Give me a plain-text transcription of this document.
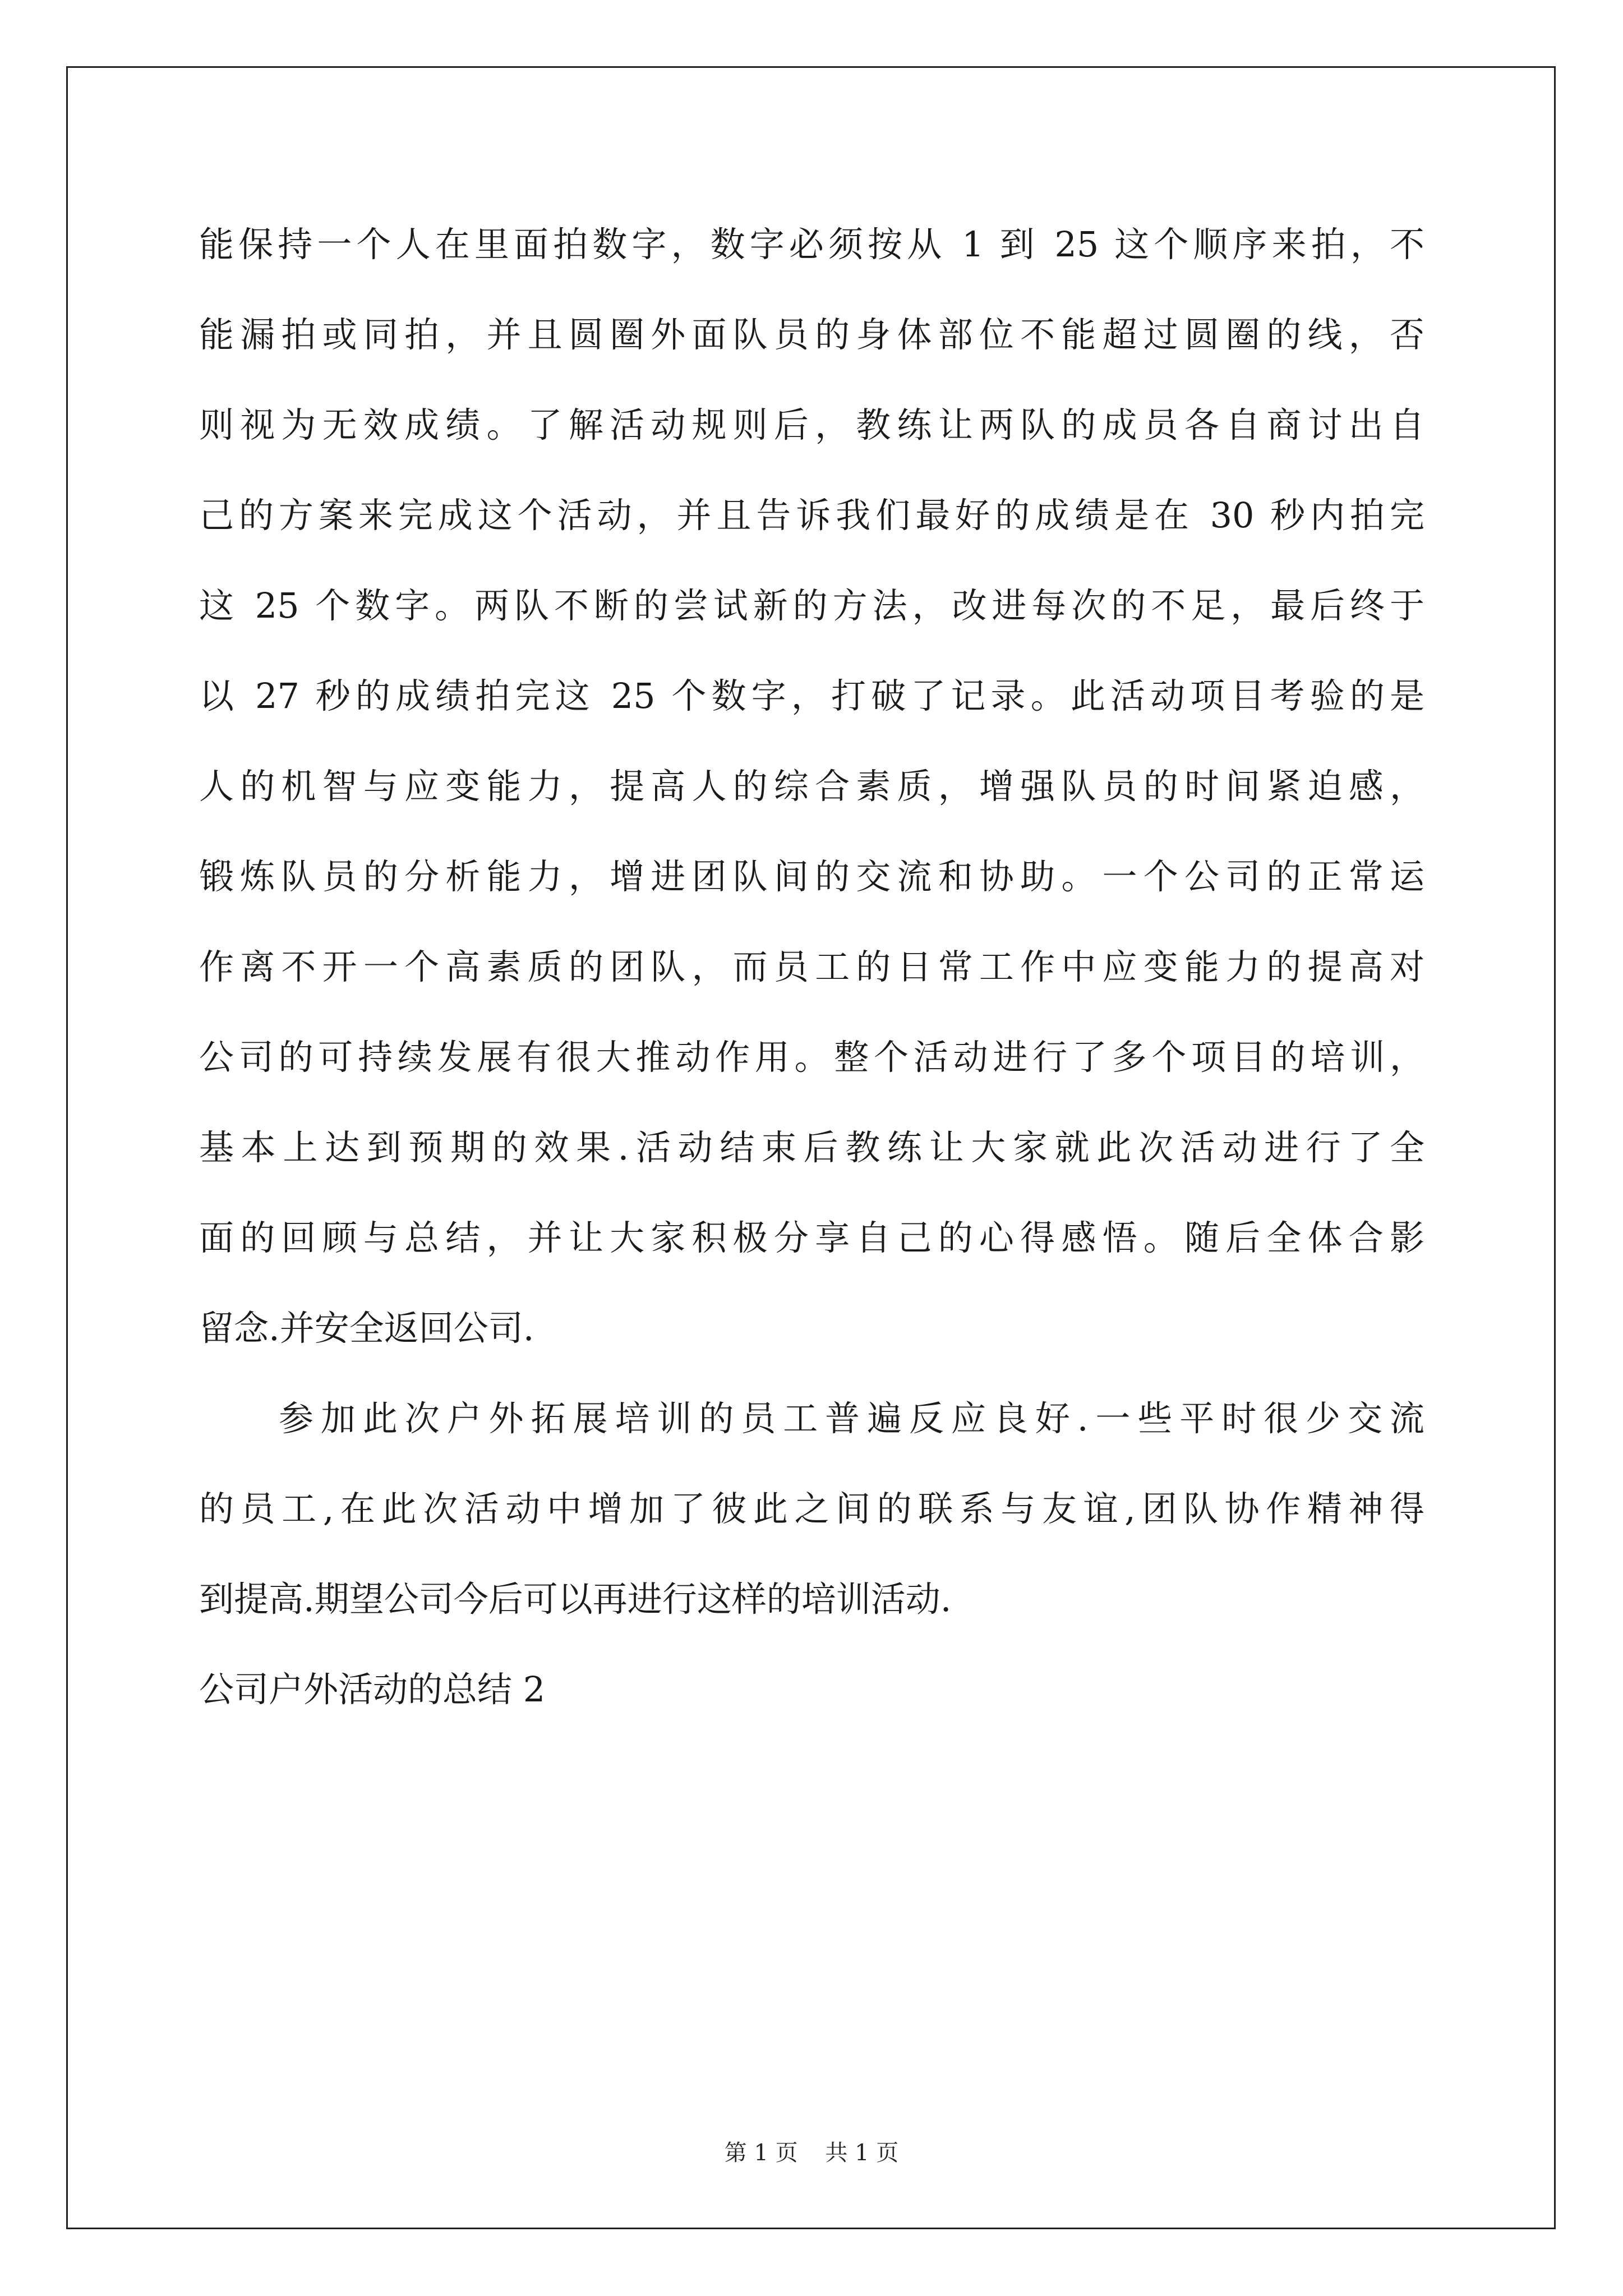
能保持一个人在里面拍数字，数字必须按从 1 到 25 这个顺序来拍，不
能漏拍或同拍，并且圆圈外面队员的身体部位不能超过圆圈的线，否
则视为无效成绩。了解活动规则后，教练让两队的成员各自商讨出自
己的方案来完成这个活动，并且告诉我们最好的成绩是在 30 秒内拍完
这 25 个数字。两队不断的尝试新的方法，改进每次的不足，最后终于
以 27 秒的成绩拍完这 25 个数字，打破了记录。此活动项目考验的是
人的机智与应变能力，提高人的综合素质，增强队员的时间紧迫感，
锻炼队员的分析能力，增进团队间的交流和协助。一个公司的正常运
作离不开一个高素质的团队，而员工的日常工作中应变能力的提高对
公司的可持续发展有很大推动作用。整个活动进行了多个项目的培训，
基本上达到预期的效果.活动结束后教练让大家就此次活动进行了全
面的回顾与总结，并让大家积极分享自己的心得感悟。随后全体合影
留念.并安全返回公司.
参加此次户外拓展培训的员工普遍反应良好.一些平时很少交流
的员工,在此次活动中增加了彼此之间的联系与友谊,团队协作精神得
到提高.期望公司今后可以再进行这样的培训活动.
公司户外活动的总结 2
第 1 页 共 1 页
